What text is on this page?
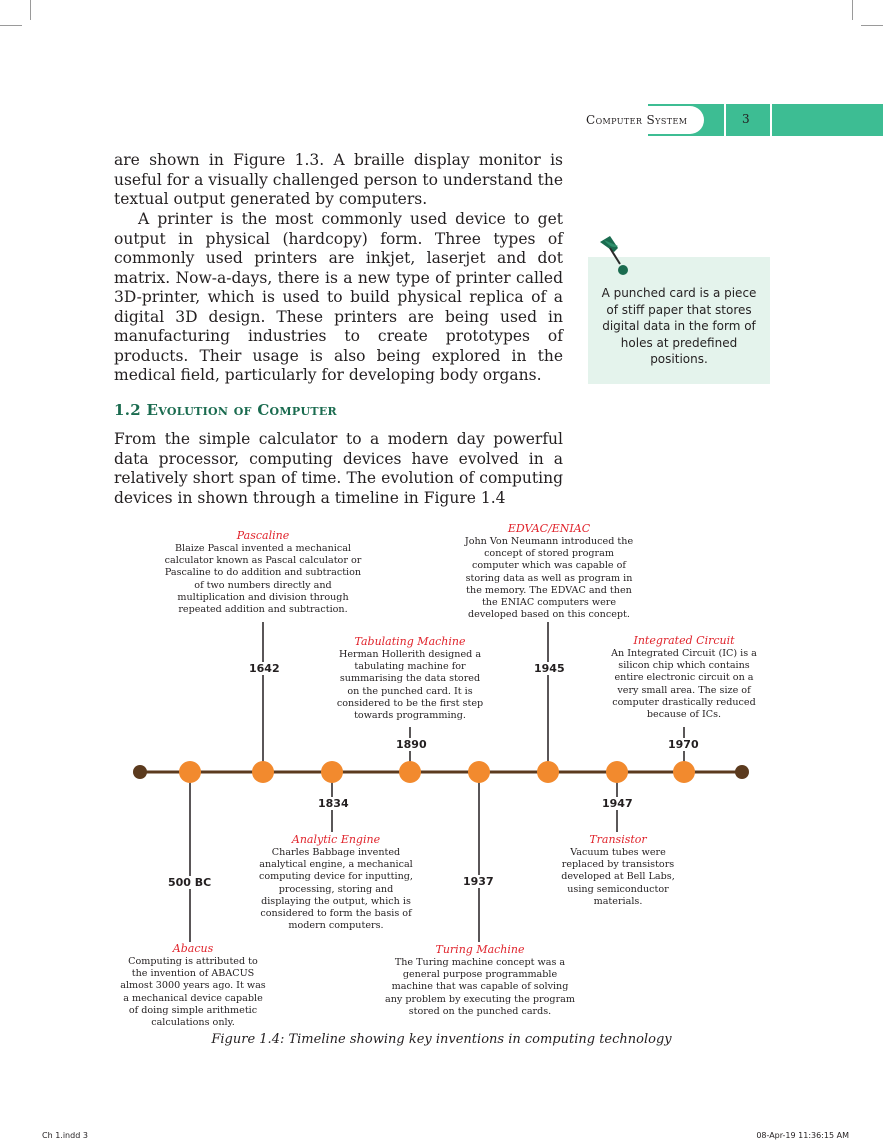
Computer System	3

are shown in Figure 1.3. A braille display monitor is useful for a visually challenged person to understand the textual output generated by computers.

A printer is the most commonly used device to get output in physical (hardcopy) form. Three types of commonly used printers are inkjet, laserjet and dot matrix. Now-a-days, there is a new type of printer called 3D-printer, which is used to build physical replica of a digital 3D design. These printers are being used in manufacturing industries to create prototypes of products. Their usage is also being explored in the medical field, particularly for developing body organs.

1.2 Evolution of Computer

From the simple calculator to a modern day powerful data processor, computing devices have evolved in a relatively short span of time. The evolution of computing devices in shown through a timeline in Figure 1.4

A punched card is a piece of stiff paper that stores digital data in the form of holes at predefined positions.
500 BC
1642
1834
1890
1937
1945
1947
1970
Abacus
Computing is attributed to the invention of ABACUS almost 3000 years ago. It was a mechanical device capable of doing simple arithmetic calculations only.
Pascaline
Blaize Pascal invented a mechanical calculator known as Pascal calculator or Pascaline to do addition and subtraction of two numbers directly and multiplication and division through repeated addition and subtraction.
Analytic Engine
Charles Babbage invented analytical engine, a mechanical computing device for inputting, processing, storing and displaying the output, which is considered to form the basis of modern computers.
Tabulating Machine
Herman Hollerith designed a tabulating machine for summarising the data stored on the punched card. It is considered to be the first step towards programming.
Turing Machine
The Turing machine concept was a general purpose programmable machine that was capable of solving any problem by executing the program stored on the punched cards.
EDVAC/ENIAC
John Von Neumann introduced the concept of stored program computer which was capable of storing data as well as program in the memory. The EDVAC and then the ENIAC computers were developed based on this concept.
Transistor
Vacuum tubes were replaced by transistors developed at Bell Labs, using semiconductor materials.
Integrated Circuit
An Integrated Circuit (IC) is a silicon chip which contains entire electronic circuit on a very small area. The size of computer drastically reduced because of ICs.
Figure 1.4: Timeline showing key inventions in computing technology
Ch 1.indd 3	08-Apr-19 11:36:15 AM
